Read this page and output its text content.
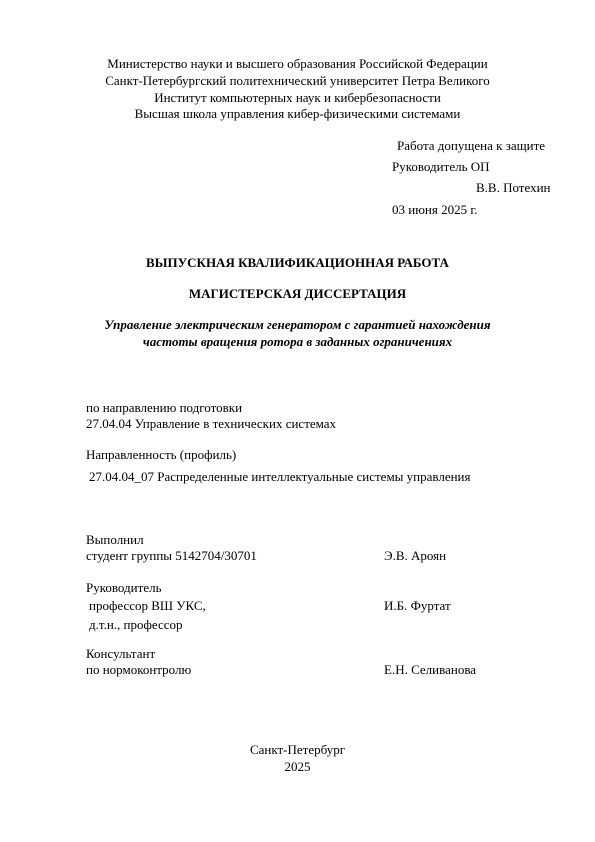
Министерство науки и высшего образования Российской Федерации
Санкт-Петербургский политехнический университет Петра Великого
Институт компьютерных наук и кибербезопасности
Высшая школа управления кибер-физическими системами
Работа допущена к защите
Руководитель ОП
В.В. Потехин
03 июня 2025 г.
ВЫПУСКНАЯ КВАЛИФИКАЦИОННАЯ РАБОТА
МАГИСТЕРСКАЯ ДИССЕРТАЦИЯ
Управление электрическим генератором с гарантией нахождения
частоты вращения ротора в заданных ограничениях
по направлению подготовки
27.04.04 Управление в технических системах
Направленность (профиль)
27.04.04_07 Распределенные интеллектуальные системы управления
Выполнил
студент группы 5142704/30701	Э.В. Ароян
Руководитель
профессор ВШ УКС,	И.Б. Фуртат
д.т.н., профессор
Консультант
по нормоконтролю	Е.Н. Селиванова
Санкт-Петербург
2025
